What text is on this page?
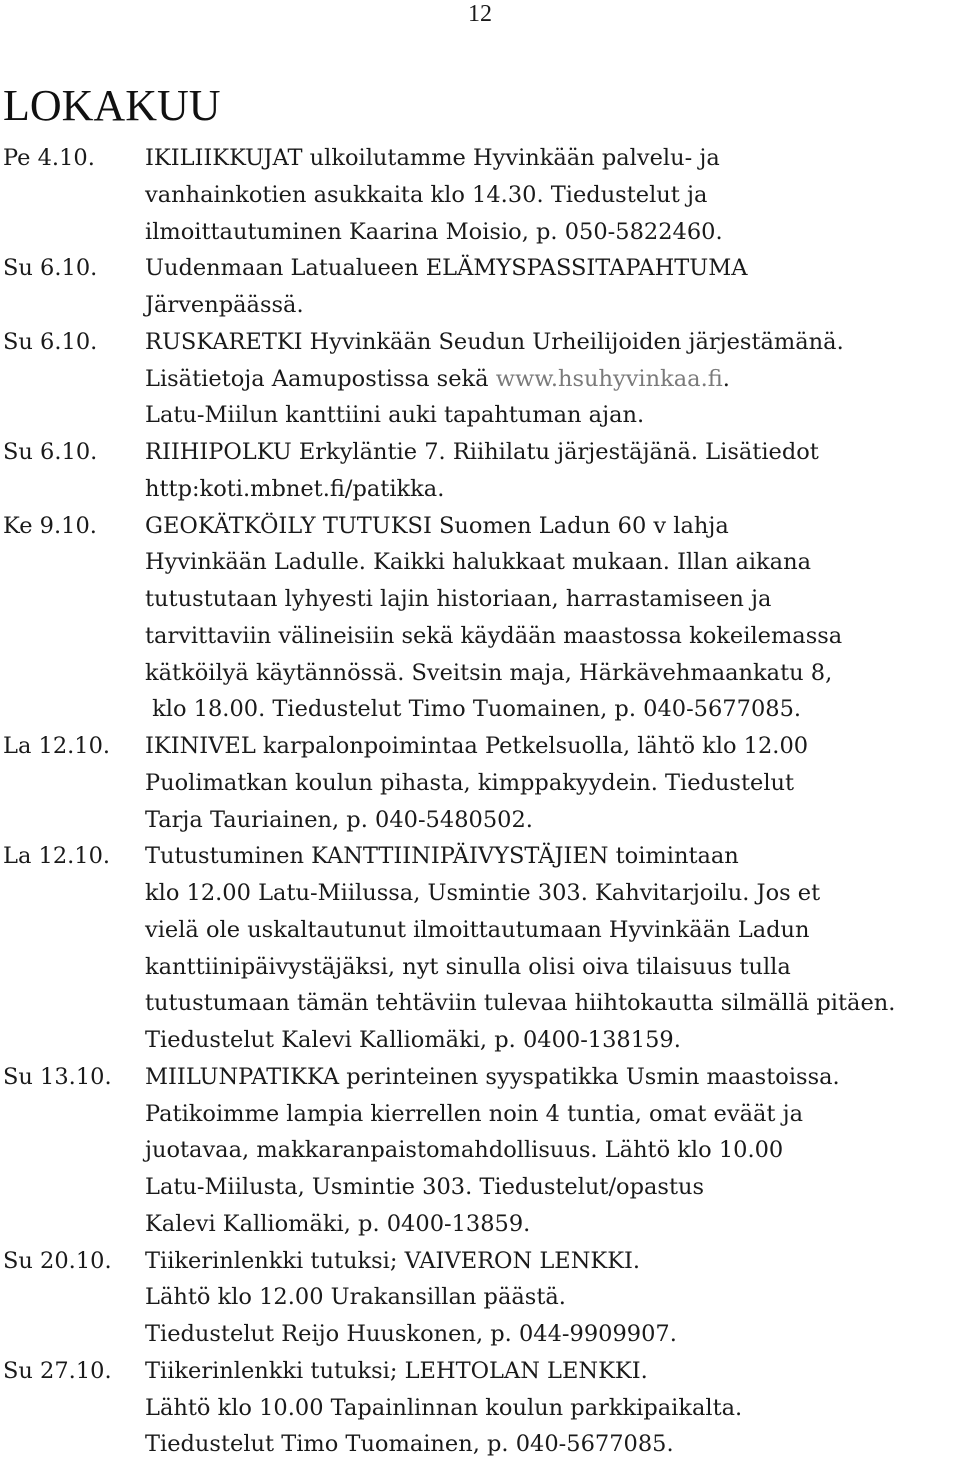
12
LOKAKUU
Pe 4.10.	IKILIIKKUJAT ulkoilutamme Hyvinkään palvelu- ja
vanhainkotien asukkaita klo 14.30. Tiedustelut ja
ilmoittautuminen Kaarina Moisio, p. 050-5822460.
Su 6.10.	Uudenmaan Latualueen ELÄMYSPASSITAPAHTUMA
Järvenpäässä.
Su 6.10.	RUSKARETKI Hyvinkään Seudun Urheilijoiden järjestämänä.
Lisätietoja Aamupostissa sekä www.hsuhyvinkaa.fi.
Latu-Miilun kanttiini auki tapahtuman ajan.
Su 6.10.	RIIHIPOLKU Erkyläntie 7. Riihilatu järjestäjänä. Lisätiedot
http:koti.mbnet.fi/patikka.
Ke 9.10.	GEOKÄTKÖILY TUTUKSI Suomen Ladun 60 v lahja
Hyvinkään Ladulle. Kaikki halukkaat mukaan. Illan aikana
tutustutaan lyhyesti lajin historiaan, harrastamiseen ja
tarvittaviin välineisiin sekä käydään maastossa kokeilemassa
kätköilyä käytännössä. Sveitsin maja, Härkävehmaankatu 8,
klo 18.00. Tiedustelut Timo Tuomainen, p. 040-5677085.
La 12.10.	IKINIVEL karpalonpoimintaa Petkelsuolla, lähtö klo 12.00
Puolimatkan koulun pihasta, kimppakyydein. Tiedustelut
Tarja Tauriainen, p. 040-5480502.
La 12.10.	Tutustuminen KANTTIINIPÄIVYSTÄJIEN toimintaan
klo 12.00 Latu-Miilussa, Usmintie 303. Kahvitarjoilu. Jos et
vielä ole uskaltautunut ilmoittautumaan Hyvinkään Ladun
kanttiinipäivystäjäksi, nyt sinulla olisi oiva tilaisuus tulla
tutustumaan tämän tehtäviin tulevaa hiihtokautta silmällä pitäen.
Tiedustelut Kalevi Kalliomäki, p. 0400-138159.
Su 13.10.	MIILUNPATIKKA perinteinen syyspatikka Usmin maastoissa.
Patikoimme lampia kierrellen noin 4 tuntia, omat eväät ja
juotavaa, makkaranpaistomahdollisuus. Lähtö klo 10.00
Latu-Miilusta, Usmintie 303. Tiedustelut/opastus
Kalevi Kalliomäki, p. 0400-13859.
Su 20.10.	Tiikerinlenkki tutuksi; VAIVERON LENKKI.
Lähtö klo 12.00 Urakansillan päästä.
Tiedustelut Reijo Huuskonen, p. 044-9909907.
Su 27.10.	Tiikerinlenkki tutuksi; LEHTOLAN LENKKI.
Lähtö klo 10.00 Tapainlinnan koulun parkkipaikalta.
Tiedustelut Timo Tuomainen, p. 040-5677085.
